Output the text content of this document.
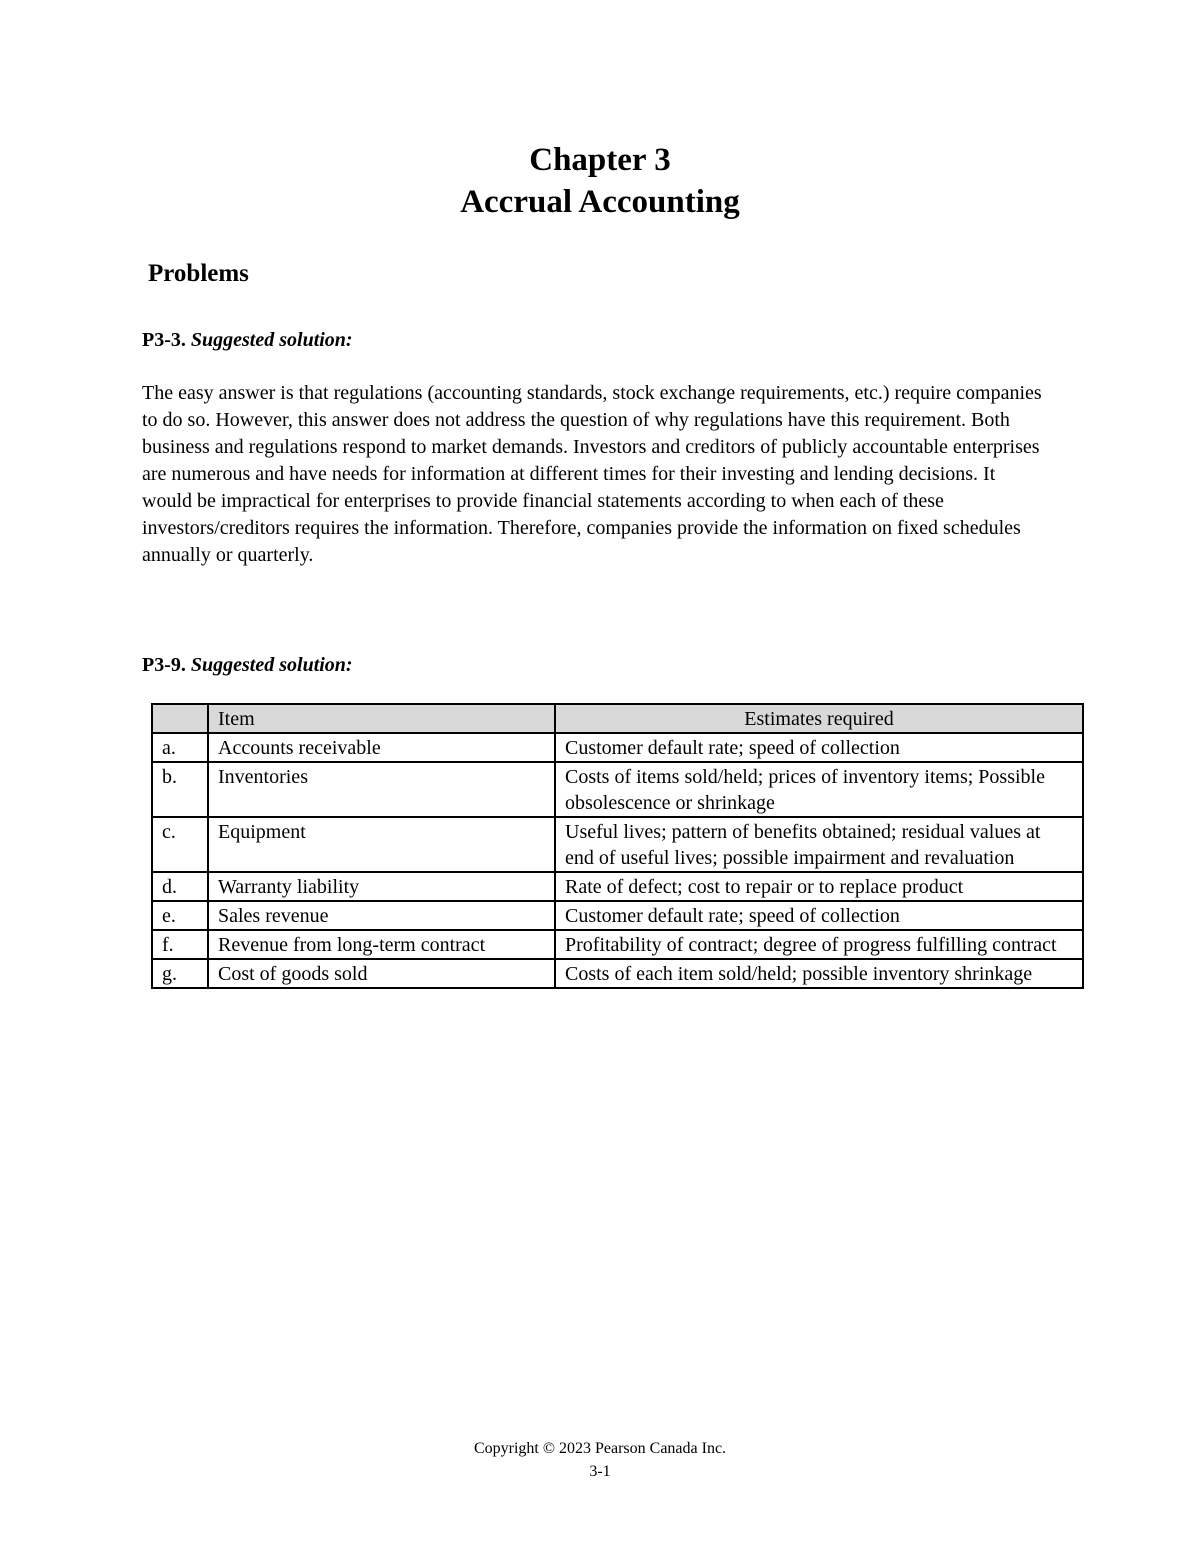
Chapter 3
Accrual Accounting
Problems
P3-3. Suggested solution:

The easy answer is that regulations (accounting standards, stock exchange requirements, etc.) require companies to do so. However, this answer does not address the question of why regulations have this requirement. Both business and regulations respond to market demands. Investors and creditors of publicly accountable enterprises are numerous and have needs for information at different times for their investing and lending decisions. It would be impractical for enterprises to provide financial statements according to when each of these investors/creditors requires the information. Therefore, companies provide the information on fixed schedules annually or quarterly.

P3-9. Suggested solution:
	Item	Estimates required
a.	Accounts receivable	Customer default rate; speed of collection
b.	Inventories	Costs of items sold/held; prices of inventory items; Possible obsolescence or shrinkage
c.	Equipment	Useful lives; pattern of benefits obtained; residual values at end of useful lives; possible impairment and revaluation
d.	Warranty liability	Rate of defect; cost to repair or to replace product
e.	Sales revenue	Customer default rate; speed of collection
f.	Revenue from long-term contract	Profitability of contract; degree of progress fulfilling contract
g.	Cost of goods sold	Costs of each item sold/held; possible inventory shrinkage
Copyright © 2023 Pearson Canada Inc.
3-1
